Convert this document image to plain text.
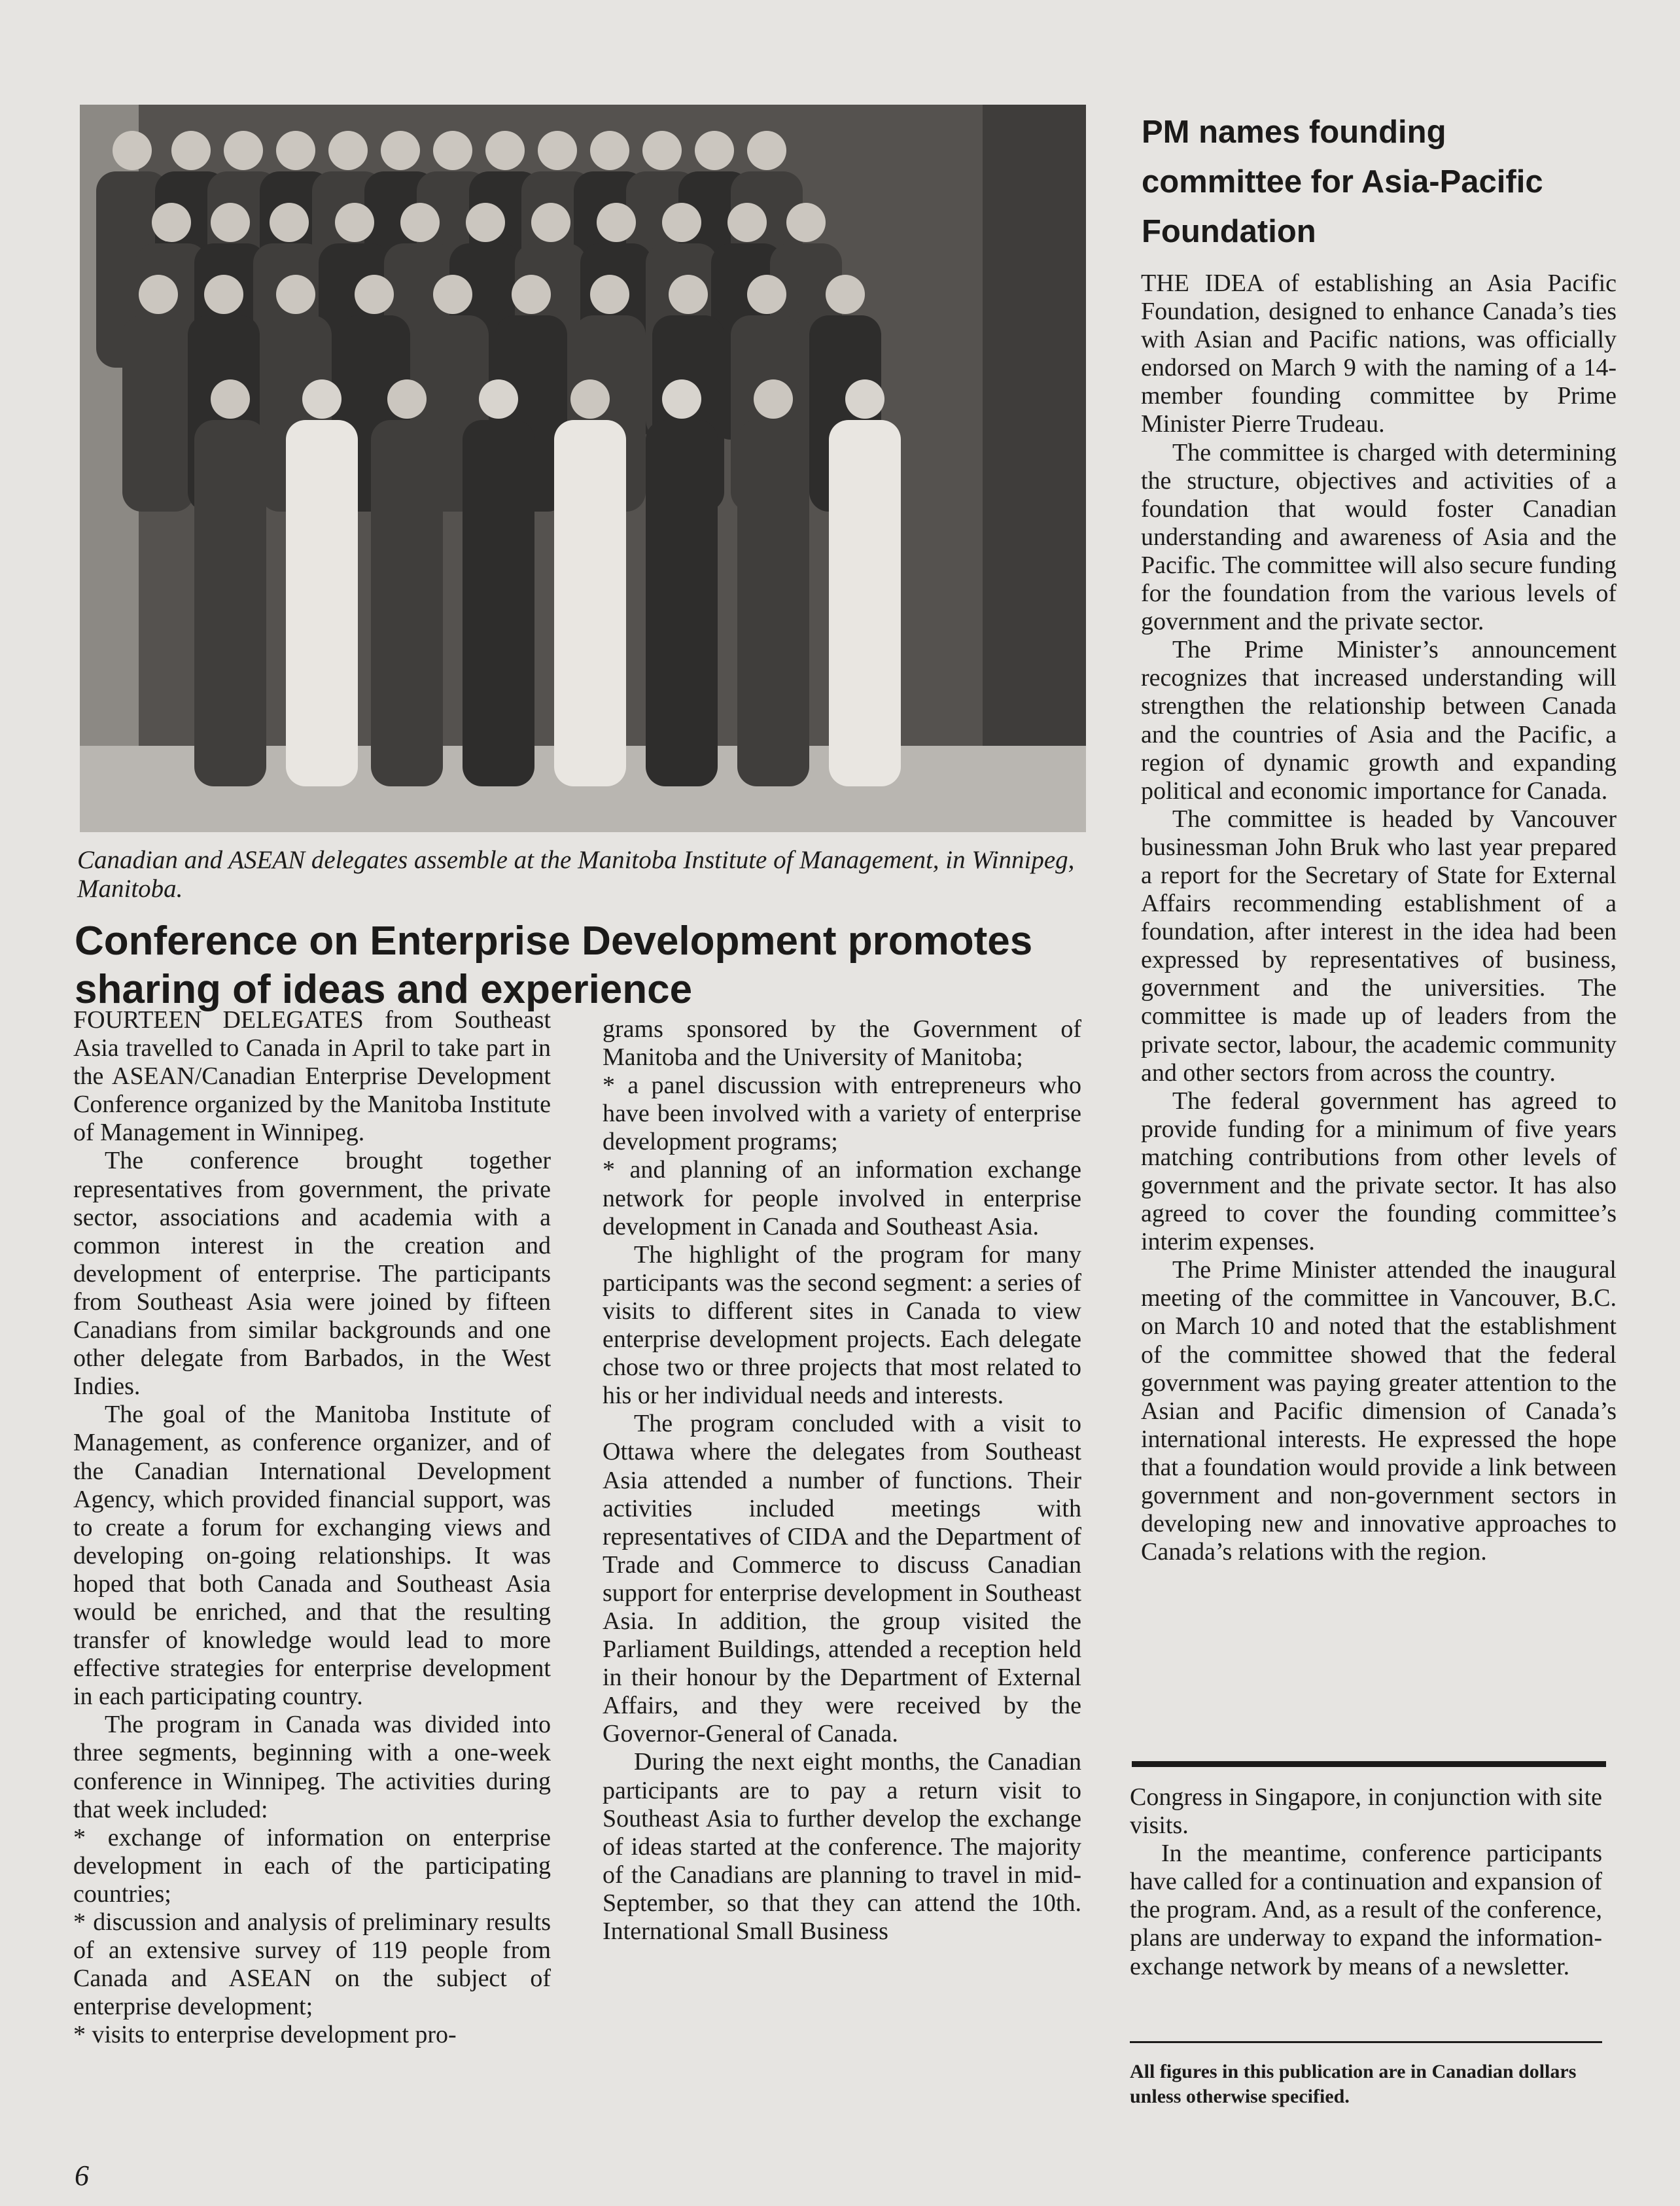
Canadian and ASEAN delegates assemble at the Manitoba Institute of Management, in Winnipeg, Manitoba.
Conference on Enterprise Development promotes sharing of ideas and experience

FOURTEEN DELEGATES from Southeast Asia travelled to Canada in April to take part in the ASEAN/Canadian Enterprise Development Conference organized by the Manitoba Institute of Management in Winnipeg.

The conference brought together representatives from government, the private sector, associations and academia with a common interest in the creation and development of enterprise. The participants from Southeast Asia were joined by fifteen Canadians from similar backgrounds and one other delegate from Barbados, in the West Indies.

The goal of the Manitoba Institute of Management, as conference organizer, and of the Canadian International Development Agency, which provided financial support, was to create a forum for exchanging views and developing on-going relationships. It was hoped that both Canada and Southeast Asia would be enriched, and that the resulting transfer of knowledge would lead to more effective strategies for enterprise development in each participating country.

The program in Canada was divided into three segments, beginning with a one-week conference in Winnipeg. The activities during that week included:

* exchange of information on enterprise development in each of the participating countries;

* discussion and analysis of preliminary results of an extensive survey of 119 people from Canada and ASEAN on the subject of enterprise development;

* visits to enterprise development pro-

grams sponsored by the Government of Manitoba and the University of Manitoba;

* a panel discussion with entrepreneurs who have been involved with a variety of enterprise development programs;

* and planning of an information exchange network for people involved in enterprise development in Canada and Southeast Asia.

The highlight of the program for many participants was the second segment: a series of visits to different sites in Canada to view enterprise development projects. Each delegate chose two or three projects that most related to his or her individual needs and interests.

The program concluded with a visit to Ottawa where the delegates from Southeast Asia attended a number of functions. Their activities included meetings with representatives of CIDA and the Department of Trade and Commerce to discuss Canadian support for enterprise development in Southeast Asia. In addition, the group visited the Parliament Buildings, attended a reception held in their honour by the Department of External Affairs, and they were received by the Governor-General of Canada.

During the next eight months, the Canadian participants are to pay a return visit to Southeast Asia to further develop the exchange of ideas started at the conference. The majority of the Canadians are planning to travel in mid-September, so that they can attend the 10th. International Small Business

PM names founding committee for Asia-Pacific Foundation

THE IDEA of establishing an Asia Pacific Foundation, designed to enhance Canada’s ties with Asian and Pacific nations, was officially endorsed on March 9 with the naming of a 14-member founding committee by Prime Minister Pierre Trudeau.

The committee is charged with determining the structure, objectives and activities of a foundation that would foster Canadian understanding and awareness of Asia and the Pacific. The committee will also secure funding for the foundation from the various levels of government and the private sector.

The Prime Minister’s announcement recognizes that increased understanding will strengthen the relationship between Canada and the countries of Asia and the Pacific, a region of dynamic growth and expanding political and economic importance for Canada.

The committee is headed by Vancouver businessman John Bruk who last year prepared a report for the Secretary of State for External Affairs recommending establishment of a foundation, after interest in the idea had been expressed by representatives of business, government and the universities. The committee is made up of leaders from the private sector, labour, the academic community and other sectors from across the country.

The federal government has agreed to provide funding for a minimum of five years matching contributions from other levels of government and the private sector. It has also agreed to cover the founding committee’s interim expenses.

The Prime Minister attended the inaugural meeting of the committee in Vancouver, B.C. on March 10 and noted that the establishment of the committee showed that the federal government was paying greater attention to the Asian and Pacific dimension of Canada’s international interests. He expressed the hope that a foundation would provide a link between government and non-government sectors in developing new and innovative approaches to Canada’s relations with the region.

Congress in Singapore, in conjunction with site visits.

In the meantime, conference participants have called for a continuation and expansion of the program. And, as a result of the conference, plans are underway to expand the information-exchange network by means of a newsletter.

All figures in this publication are in Canadian dollars unless otherwise specified.
6
